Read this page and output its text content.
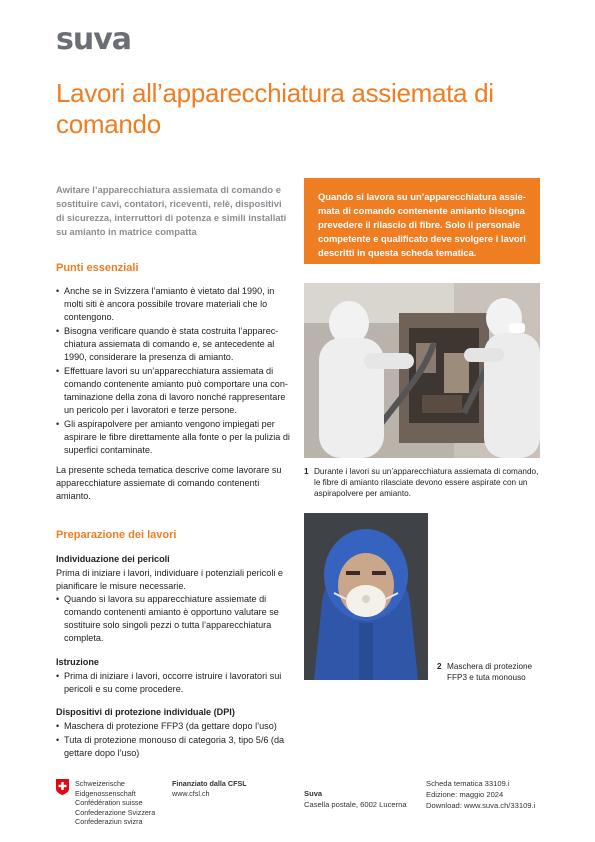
suva
Lavori all’apparecchiatura assiemata di comando

Awitare l’apparecchiatura assiemata di comando e sostituire cavi, contatori, riceventi, relè, dispositivi di sicurezza, interruttori di potenza e simili installati su amianto in matrice compatta

Quando si lavora su un’apparecchiatura assie-mata di comando contenente amianto bisogna prevedere il rilascio di fibre. Solo il personale competente e qualificato deve svolgere i lavori descritti in questa scheda tematica.

Punti essenziali
• Anche se in Svizzera l’amianto è vietato dal 1990, in molti siti è ancora possibile trovare materiali che lo contengono.
• Bisogna verificare quando è stata costruita l’apparec-chiatura assiemata di comando e, se antecedente al 1990, considerare la presenza di amianto.
• Effettuare lavori su un’apparecchiatura assiemata di comando contenente amianto può comportare una con-taminazione della zona di lavoro nonché rappresentare un pericolo per i lavoratori e terze persone.
• Gli aspirapolvere per amianto vengono impiegati per aspirare le fibre direttamente alla fonte o per la pulizia di superfici contaminate.

La presente scheda tematica descrive come lavorare su apparecchiature assiemate di comando contenenti amianto.

Preparazione dei lavori
Individuazione dei pericoli

Prima di iniziare i lavori, individuare i potenziali pericoli e pianificare le misure necessarie.

• Quando si lavora su apparecchiature assiemate di comando contenenti amianto è opportuno valutare se sostituire solo singoli pezzi o tutta l’apparecchiatura completa.
Istruzione
• Prima di iniziare i lavori, occorre istruire i lavoratori sui pericoli e su come procedere.
Dispositivi di protezione individuale (DPI)
• Maschera di protezione FFP3 (da gettare dopo l’uso)
• Tuta di protezione monouso di categoria 3, tipo 5/6 (da gettare dopo l’uso)
1 Durante i lavori su un’apparecchiatura assiemata di comando, le fibre di amianto rilasciate devono essere aspirate con un aspirapolvere per amianto.
2 Maschera di protezione FFP3 e tuta monouso
Schweizerische Eidgenossenschaft
Confédération suisse
Confederazione Svizzera
Confederaziun svizra
Finanziato dalla CFSL
www.cfsl.ch	Suva
Casella postale, 6002 Lucerna
Scheda tematica 33109.i
Edizione: maggio 2024
Download: www.suva.ch/33109.i
